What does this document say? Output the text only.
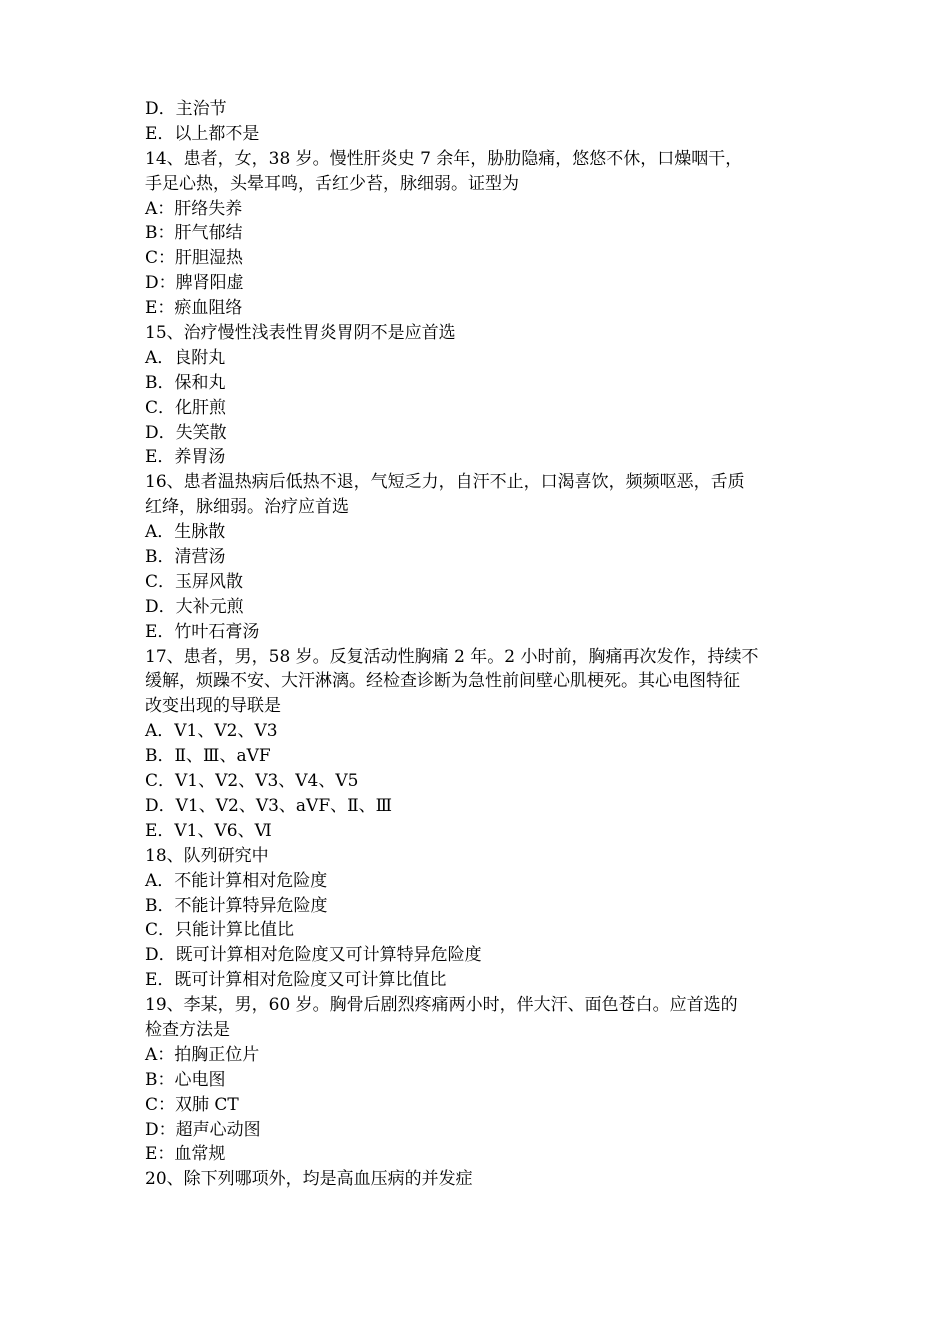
D．主治节
E．以上都不是
14、患者，女，38 岁。慢性肝炎史 7 余年，胁肋隐痛，悠悠不休，口燥咽干，
手足心热，头晕耳鸣，舌红少苔，脉细弱。证型为
A：肝络失养
B：肝气郁结
C：肝胆湿热
D：脾肾阳虚
E：瘀血阻络
15、治疗慢性浅表性胃炎胃阴不是应首选
A．良附丸
B．保和丸
C．化肝煎
D．失笑散
E．养胃汤
16、患者温热病后低热不退，气短乏力，自汗不止，口渴喜饮，频频呕恶，舌质
红绛，脉细弱。治疗应首选
A．生脉散
B．清营汤
C．玉屏风散
D．大补元煎
E．竹叶石膏汤
17、患者，男，58 岁。反复活动性胸痛 2 年。2 小时前，胸痛再次发作，持续不
缓解，烦躁不安、大汗淋漓。经检查诊断为急性前间壁心肌梗死。其心电图特征
改变出现的导联是
A．Ⅴ1、Ⅴ2、Ⅴ3
B．Ⅱ、Ⅲ、aⅤF
C．Ⅴ1、Ⅴ2、Ⅴ3、Ⅴ4、Ⅴ5
D．Ⅴ1、Ⅴ2、Ⅴ3、aⅤF、Ⅱ、Ⅲ
E．Ⅴ1、Ⅴ6、Ⅵ
18、队列研究中
A．不能计算相对危险度
B．不能计算特异危险度
C．只能计算比值比
D．既可计算相对危险度又可计算特异危险度
E．既可计算相对危险度又可计算比值比
19、李某，男，60 岁。胸骨后剧烈疼痛两小时，伴大汗、面色苍白。应首选的
检查方法是
A：拍胸正位片
B：心电图
C：双肺 CT
D：超声心动图
E：血常规
20、除下列哪项外，均是高血压病的并发症
